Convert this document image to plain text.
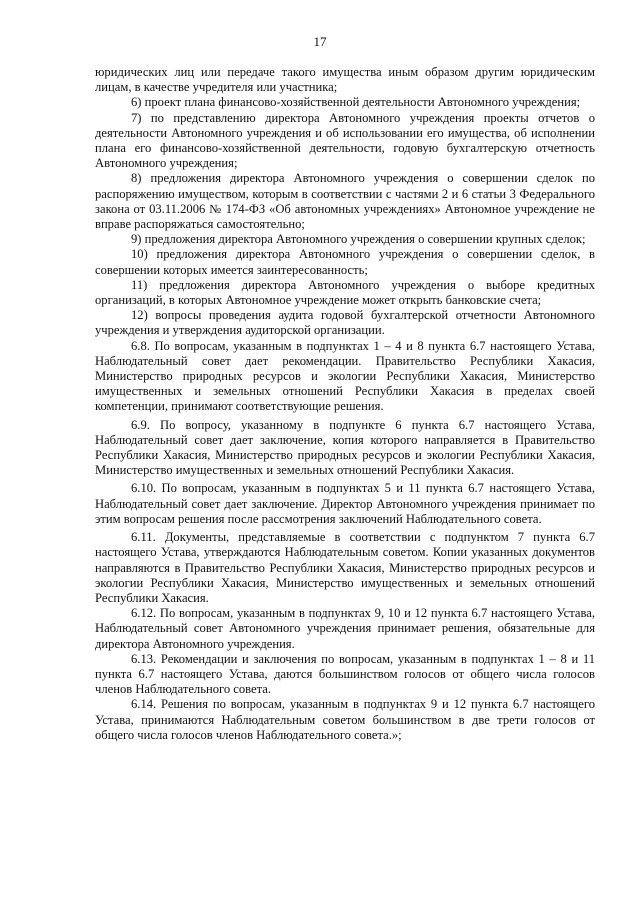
17

юридических лиц или передаче такого имущества иным образом другим юридическим лицам, в качестве учредителя или участника;

6) проект плана финансово-хозяйственной деятельности Автономного учреждения;

7) по представлению директора Автономного учреждения проекты отчетов о деятельности Автономного учреждения и об использовании его имущества, об исполнении плана его финансово-хозяйственной деятельности, годовую бухгалтерскую отчетность Автономного учреждения;

8) предложения директора Автономного учреждения о совершении сделок по распоряжению имуществом, которым в соответствии с частями 2 и 6 статьи 3 Федерального закона от 03.11.2006 № 174-ФЗ «Об автономных учреждениях» Автономное учреждение не вправе распоряжаться самостоятельно;

9) предложения директора Автономного учреждения о совершении крупных сделок;

10) предложения директора Автономного учреждения о совершении сделок, в совершении которых имеется заинтересованность;

11) предложения директора Автономного учреждения о выборе кредитных организаций, в которых Автономное учреждение может открыть банковские счета;

12) вопросы проведения аудита годовой бухгалтерской отчетности Автономного учреждения и утверждения аудиторской организации.

6.8. По вопросам, указанным в подпунктах 1 – 4 и 8 пункта 6.7 настоящего Устава, Наблюдательный совет дает рекомендации. Правительство Республики Хакасия, Министерство природных ресурсов и экологии Республики Хакасия, Министерство имущественных и земельных отношений Республики Хакасия в пределах своей компетенции, принимают соответствующие решения.

6.9. По вопросу, указанному в подпункте 6 пункта 6.7 настоящего Устава, Наблюдательный совет дает заключение, копия которого направляется в Правительство Республики Хакасия, Министерство природных ресурсов и экологии Республики Хакасия, Министерство имущественных и земельных отношений Республики Хакасия.

6.10. По вопросам, указанным в подпунктах 5 и 11 пункта 6.7 настоящего Устава, Наблюдательный совет дает заключение. Директор Автономного учреждения принимает по этим вопросам решения после рассмотрения заключений Наблюдательного совета.

6.11. Документы, представляемые в соответствии с подпунктом 7 пункта 6.7 настоящего Устава, утверждаются Наблюдательным советом. Копии указанных документов направляются в Правительство Республики Хакасия, Министерство природных ресурсов и экологии Республики Хакасия, Министерство имущественных и земельных отношений Республики Хакасия.

6.12. По вопросам, указанным в подпунктах 9, 10 и 12 пункта 6.7 настоящего Устава, Наблюдательный совет Автономного учреждения принимает решения, обязательные для директора Автономного учреждения.

6.13. Рекомендации и заключения по вопросам, указанным в подпунктах 1 – 8 и 11 пункта 6.7 настоящего Устава, даются большинством голосов от общего числа голосов членов Наблюдательного совета.

6.14. Решения по вопросам, указанным в подпунктах 9 и 12 пункта 6.7 настоящего Устава, принимаются Наблюдательным советом большинством в две трети голосов от общего числа голосов членов Наблюдательного совета.»;
